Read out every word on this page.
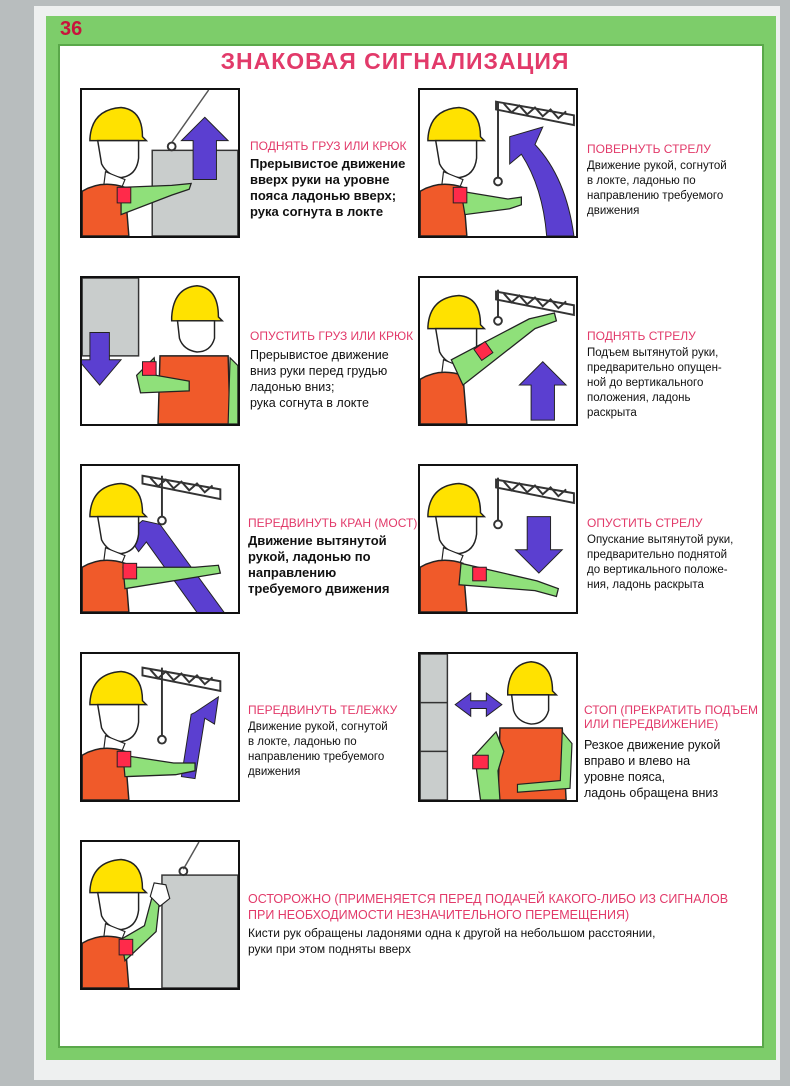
36
ЗНАКОВАЯ СИГНАЛИЗАЦИЯ
ПОДНЯТЬ ГРУЗ ИЛИ КРЮК
Прерывистое движение
вверх руки на уровне
пояса ладонью вверх;
рука согнута в локте
ПОВЕРНУТЬ СТРЕЛУ
Движение рукой, согнутой
в локте, ладонью по
направлению требуемого
движения
ОПУСТИТЬ ГРУЗ ИЛИ КРЮК
Прерывистое движение
вниз руки перед грудью
ладонью вниз;
рука согнута в локте
ПОДНЯТЬ СТРЕЛУ
Подъем вытянутой руки,
предварительно опущен-
ной до вертикального
положения, ладонь
раскрыта
ПЕРЕДВИНУТЬ КРАН (МОСТ)
Движение вытянутой
рукой, ладонью по
направлению
требуемого движения
ОПУСТИТЬ СТРЕЛУ
Опускание вытянутой руки,
предварительно поднятой
до вертикального положе-
ния, ладонь раскрыта
ПЕРЕДВИНУТЬ ТЕЛЕЖКУ
Движение рукой, согнутой
в локте, ладонью по
направлению требуемого
движения
СТОП (ПРЕКРАТИТЬ ПОДЪЕМ
ИЛИ ПЕРЕДВИЖЕНИЕ)
Резкое движение рукой
вправо и влево на
уровне пояса,
ладонь обращена вниз
ОСТОРОЖНО (ПРИМЕНЯЕТСЯ ПЕРЕД ПОДАЧЕЙ КАКОГО-ЛИБО ИЗ СИГНАЛОВ
ПРИ НЕОБХОДИМОСТИ НЕЗНАЧИТЕЛЬНОГО ПЕРЕМЕЩЕНИЯ)
Кисти рук обращены ладонями одна к другой на небольшом расстоянии,
руки при этом подняты вверх
